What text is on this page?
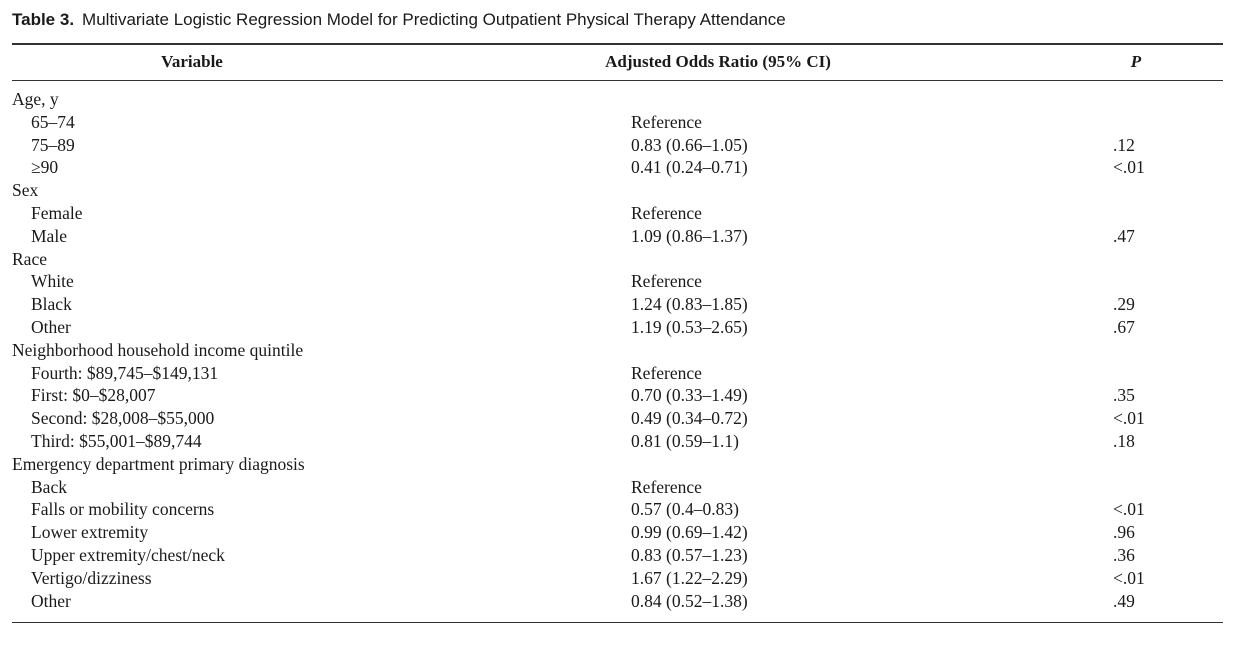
Table 3. Multivariate Logistic Regression Model for Predicting Outpatient Physical Therapy Attendance
Variable	Adjusted Odds Ratio (95% CI)	P
Age, y
65–74	Reference
75–89	0.83 (0.66–1.05)	.12
≥90	0.41 (0.24–0.71)	<.01
Sex
Female	Reference
Male	1.09 (0.86–1.37)	.47
Race
White	Reference
Black	1.24 (0.83–1.85)	.29
Other	1.19 (0.53–2.65)	.67
Neighborhood household income quintile
Fourth: $89,745–$149,131	Reference
First: $0–$28,007	0.70 (0.33–1.49)	.35
Second: $28,008–$55,000	0.49 (0.34–0.72)	<.01
Third: $55,001–$89,744	0.81 (0.59–1.1)	.18
Emergency department primary diagnosis
Back	Reference
Falls or mobility concerns	0.57 (0.4–0.83)	<.01
Lower extremity	0.99 (0.69–1.42)	.96
Upper extremity/chest/neck	0.83 (0.57–1.23)	.36
Vertigo/dizziness	1.67 (1.22–2.29)	<.01
Other	0.84 (0.52–1.38)	.49
